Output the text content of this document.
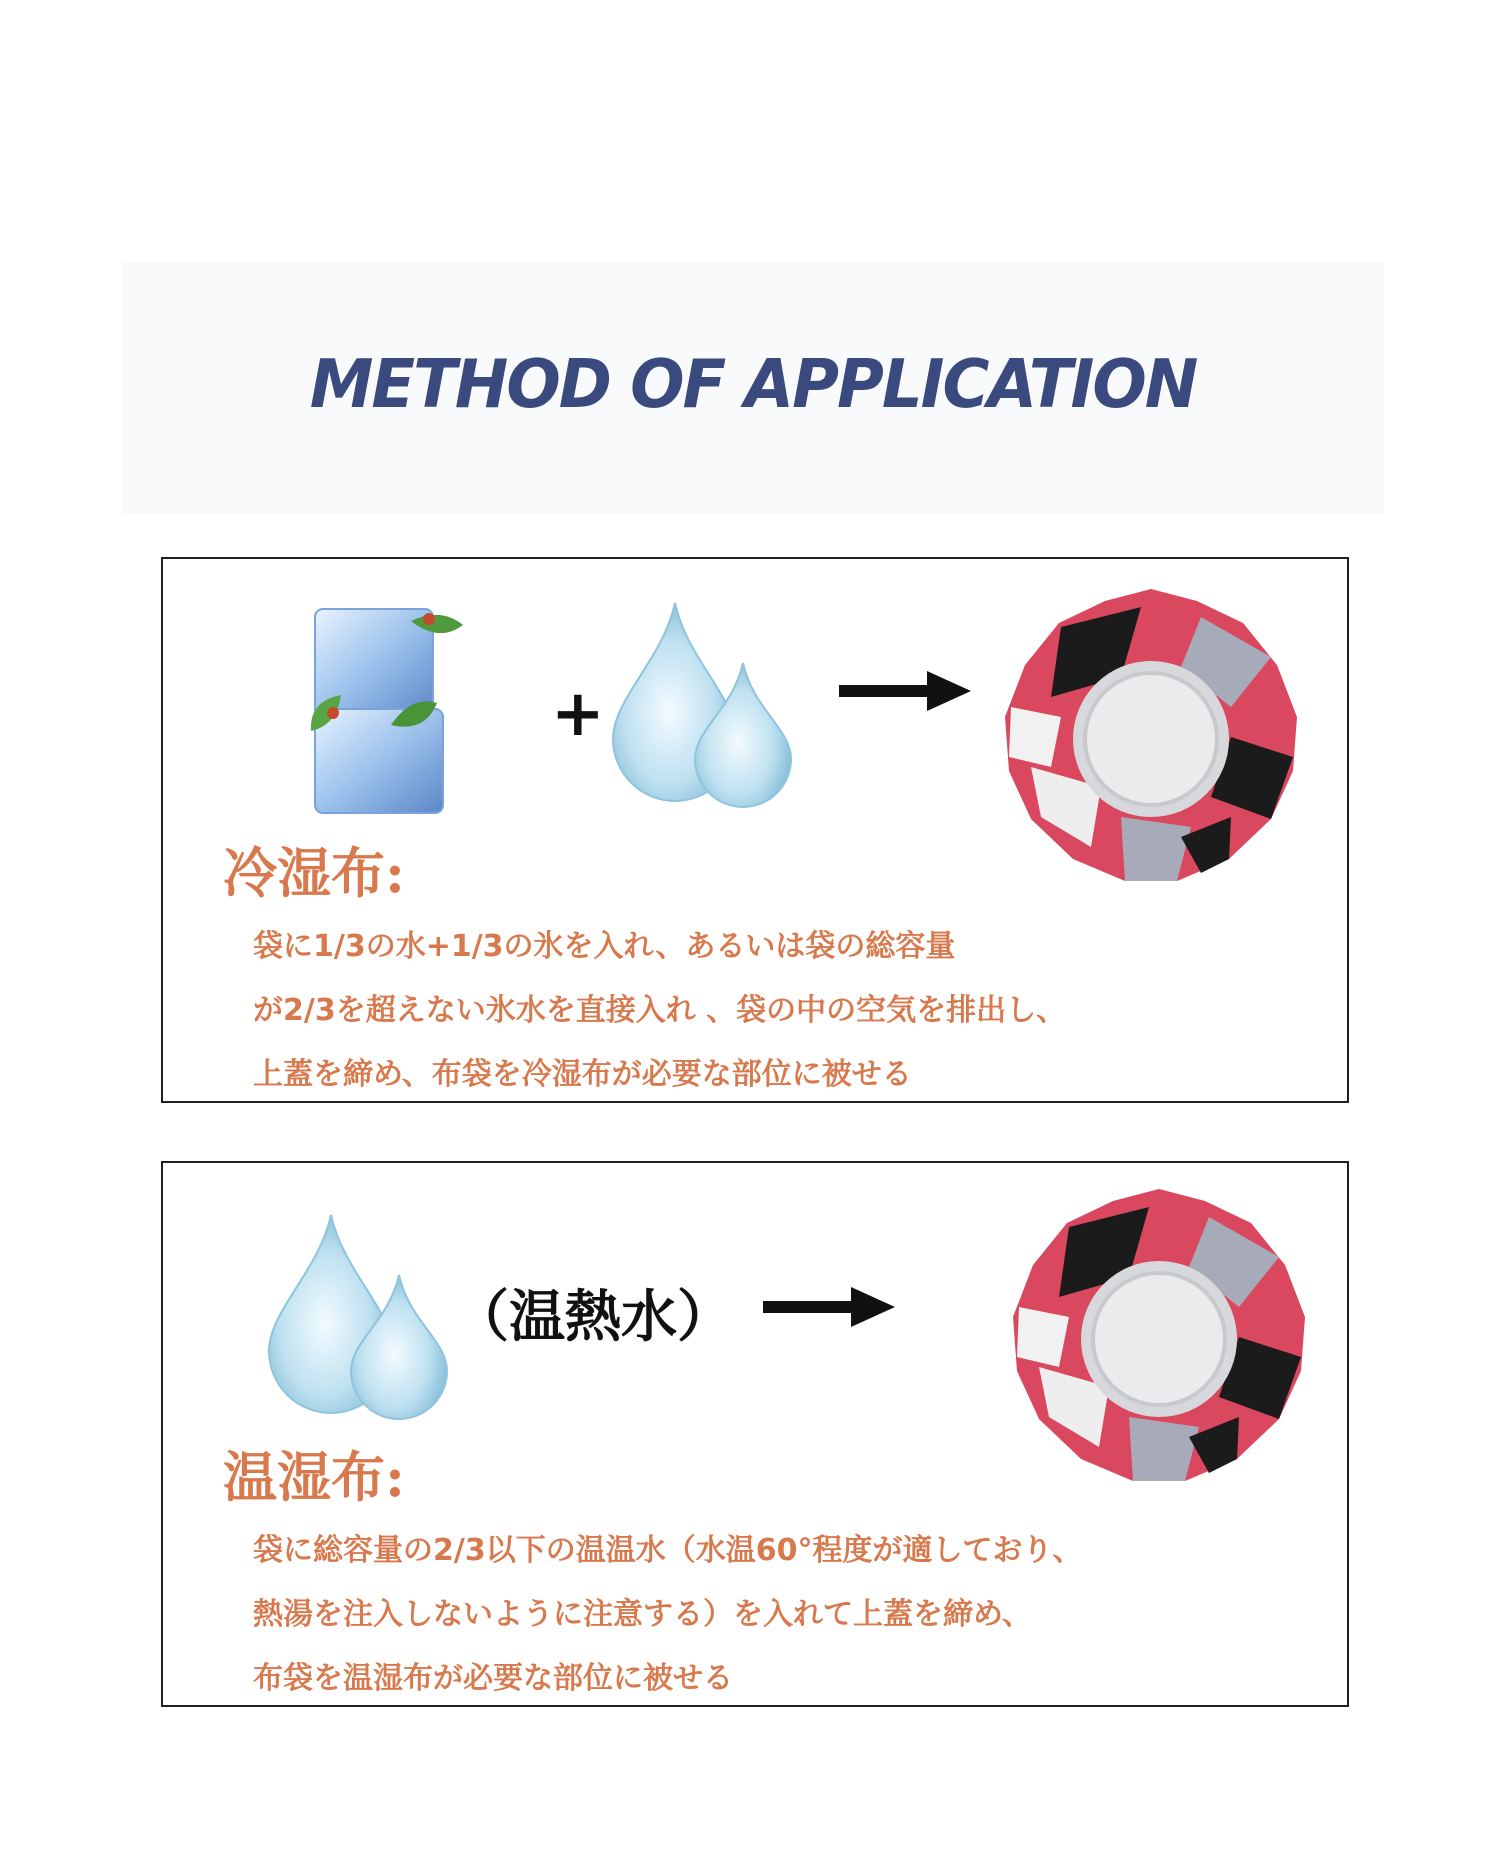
METHOD OF APPLICATION
+
冷湿布:
袋に1/3の水+1/3の氷を入れ、あるいは袋の総容量
が2/3を超えない氷水を直接入れ 、袋の中の空気を排出し、
上蓋を締め、布袋を冷湿布が必要な部位に被せる
（温熱水）
温湿布:
袋に総容量の2/3以下の温温水（水温60°程度が適しており、
熱湯を注入しないように注意する）を入れて上蓋を締め、
布袋を温湿布が必要な部位に被せる
